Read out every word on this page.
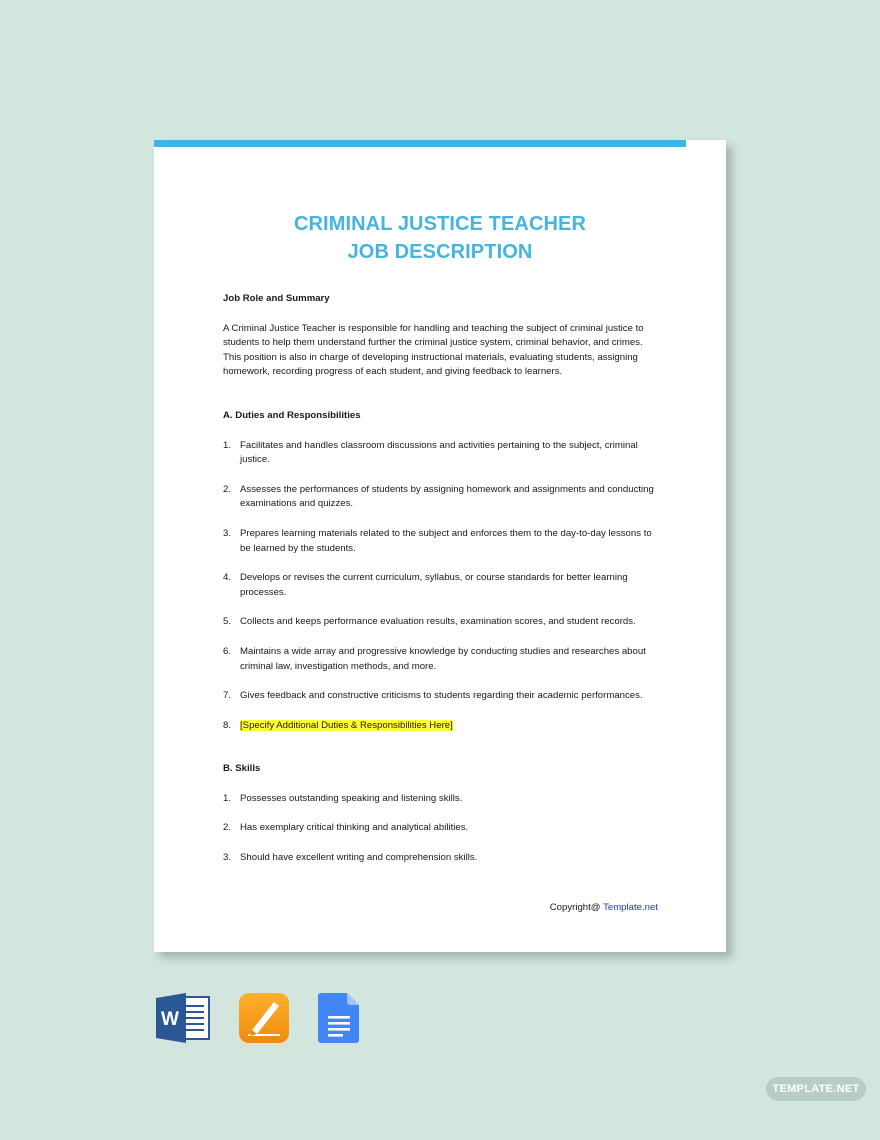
CRIMINAL JUSTICE TEACHER
JOB DESCRIPTION

Job Role and Summary

A Criminal Justice Teacher is responsible for handling and teaching the subject of criminal justice to students to help them understand further the criminal justice system, criminal behavior, and crimes. This position is also in charge of developing instructional materials, evaluating students, assigning homework, recording progress of each student, and giving feedback to learners.

A. Duties and Responsibilities

1. Facilitates and handles classroom discussions and activities pertaining to the subject, criminal justice.
2. Assesses the performances of students by assigning homework and assignments and conducting examinations and quizzes.
3. Prepares learning materials related to the subject and enforces them to the day-to-day lessons to be learned by the students.
4. Develops or revises the current curriculum, syllabus, or course standards for better learning processes.
5. Collects and keeps performance evaluation results, examination scores, and student records.
6. Maintains a wide array and progressive knowledge by conducting studies and researches about criminal law, investigation methods, and more.
7. Gives feedback and constructive criticisms to students regarding their academic performances.
8. [Specify Additional Duties & Responsibilities Here]

B. Skills

1. Possesses outstanding speaking and listening skills.
2. Has exemplary critical thinking and analytical abilities.
3. Should have excellent writing and comprehension skills.
Copyright@ Template.net
W
TEMPLATE.NET
